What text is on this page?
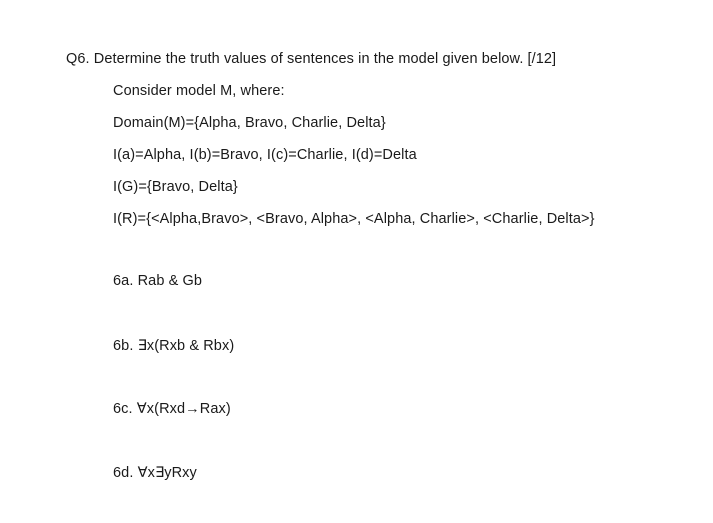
Q6. Determine the truth values of sentences in the model given below. [/12]
Consider model M, where:
Domain(M)={Alpha, Bravo, Charlie, Delta}
I(a)=Alpha, I(b)=Bravo, I(c)=Charlie, I(d)=Delta
I(G)={Bravo, Delta}
I(R)={<Alpha,Bravo>, <Bravo, Alpha>, <Alpha, Charlie>, <Charlie, Delta>}
6a. Rab & Gb
6b. ∃x(Rxb & Rbx)
6c. ∀x(Rxd→Rax)
6d. ∀x∃yRxy
